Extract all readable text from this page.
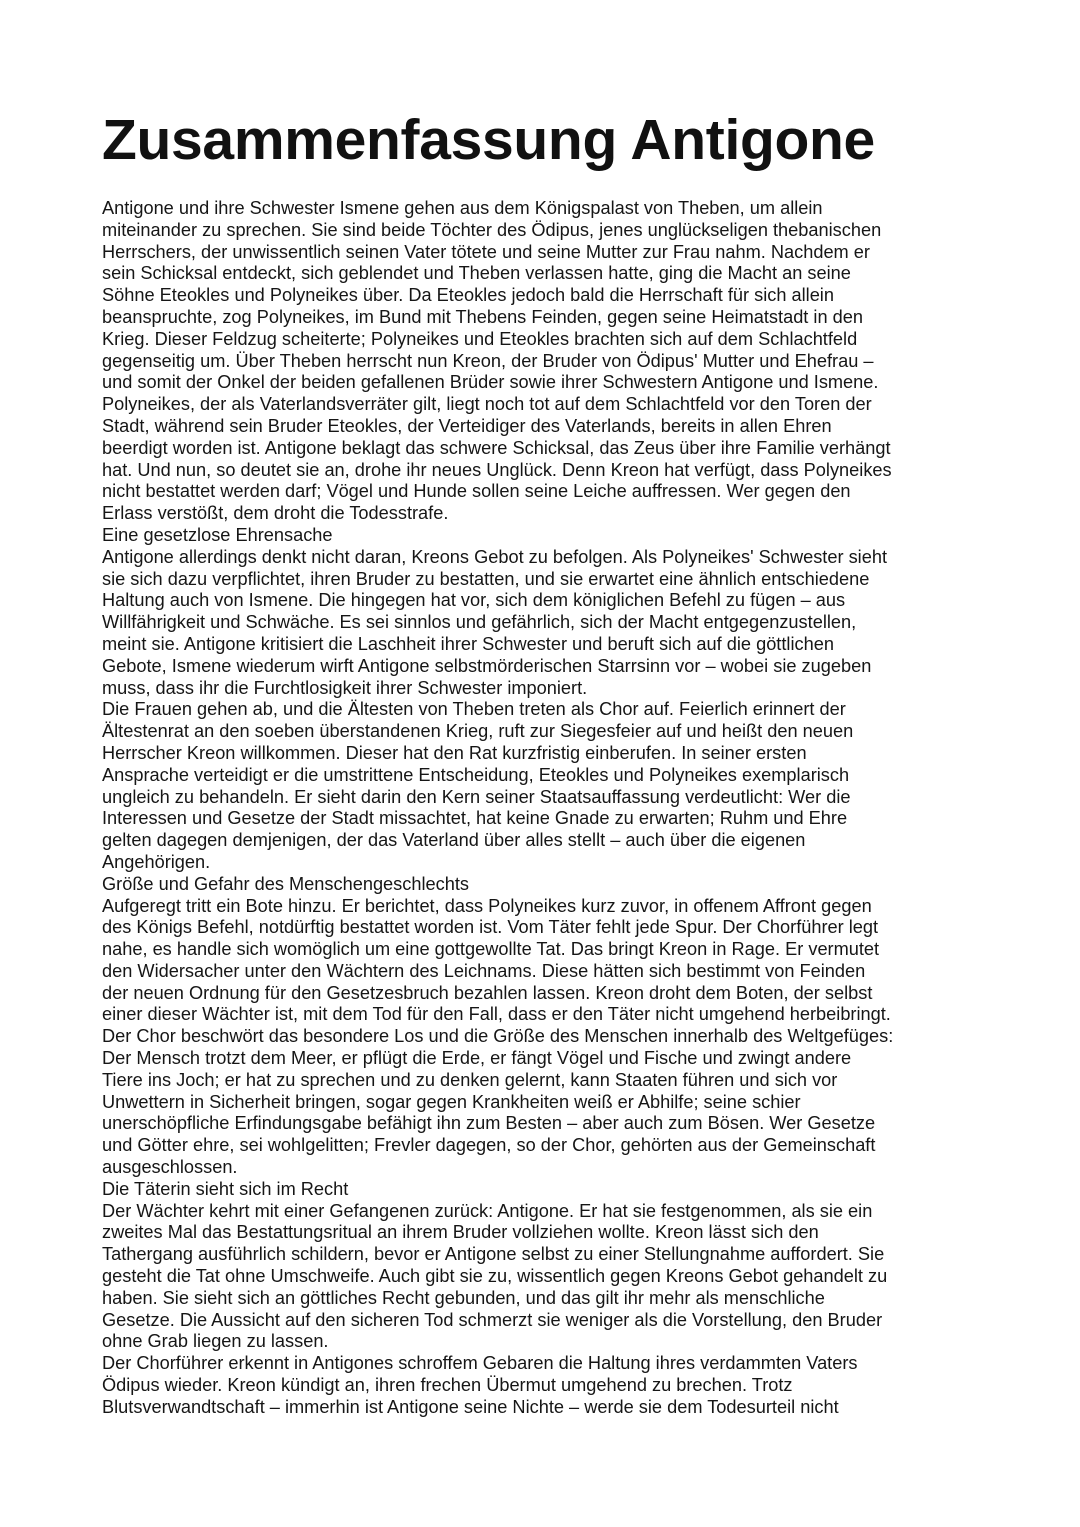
Zusammenfassung Antigone
Antigone und ihre Schwester Ismene gehen aus dem Königspalast von Theben, um allein
miteinander zu sprechen. Sie sind beide Töchter des Ödipus, jenes unglückseligen thebanischen
Herrschers, der unwissentlich seinen Vater tötete und seine Mutter zur Frau nahm. Nachdem er
sein Schicksal entdeckt, sich geblendet und Theben verlassen hatte, ging die Macht an seine
Söhne Eteokles und Polyneikes über. Da Eteokles jedoch bald die Herrschaft für sich allein
beanspruchte, zog Polyneikes, im Bund mit Thebens Feinden, gegen seine Heimatstadt in den
Krieg. Dieser Feldzug scheiterte; Polyneikes und Eteokles brachten sich auf dem Schlachtfeld
gegenseitig um. Über Theben herrscht nun Kreon, der Bruder von Ödipus' Mutter und Ehefrau –
und somit der Onkel der beiden gefallenen Brüder sowie ihrer Schwestern Antigone und Ismene.
Polyneikes, der als Vaterlandsverräter gilt, liegt noch tot auf dem Schlachtfeld vor den Toren der
Stadt, während sein Bruder Eteokles, der Verteidiger des Vaterlands, bereits in allen Ehren
beerdigt worden ist. Antigone beklagt das schwere Schicksal, das Zeus über ihre Familie verhängt
hat. Und nun, so deutet sie an, drohe ihr neues Unglück. Denn Kreon hat verfügt, dass Polyneikes
nicht bestattet werden darf; Vögel und Hunde sollen seine Leiche auffressen. Wer gegen den
Erlass verstößt, dem droht die Todesstrafe.
Eine gesetzlose Ehrensache
Antigone allerdings denkt nicht daran, Kreons Gebot zu befolgen. Als Polyneikes' Schwester sieht
sie sich dazu verpflichtet, ihren Bruder zu bestatten, und sie erwartet eine ähnlich entschiedene
Haltung auch von Ismene. Die hingegen hat vor, sich dem königlichen Befehl zu fügen – aus
Willfährigkeit und Schwäche. Es sei sinnlos und gefährlich, sich der Macht entgegenzustellen,
meint sie. Antigone kritisiert die Laschheit ihrer Schwester und beruft sich auf die göttlichen
Gebote, Ismene wiederum wirft Antigone selbstmörderischen Starrsinn vor – wobei sie zugeben
muss, dass ihr die Furchtlosigkeit ihrer Schwester imponiert.
Die Frauen gehen ab, und die Ältesten von Theben treten als Chor auf. Feierlich erinnert der
Ältestenrat an den soeben überstandenen Krieg, ruft zur Siegesfeier auf und heißt den neuen
Herrscher Kreon willkommen. Dieser hat den Rat kurzfristig einberufen. In seiner ersten
Ansprache verteidigt er die umstrittene Entscheidung, Eteokles und Polyneikes exemplarisch
ungleich zu behandeln. Er sieht darin den Kern seiner Staatsauffassung verdeutlicht: Wer die
Interessen und Gesetze der Stadt missachtet, hat keine Gnade zu erwarten; Ruhm und Ehre
gelten dagegen demjenigen, der das Vaterland über alles stellt – auch über die eigenen
Angehörigen.
Größe und Gefahr des Menschengeschlechts
Aufgeregt tritt ein Bote hinzu. Er berichtet, dass Polyneikes kurz zuvor, in offenem Affront gegen
des Königs Befehl, notdürftig bestattet worden ist. Vom Täter fehlt jede Spur. Der Chorführer legt
nahe, es handle sich womöglich um eine gottgewollte Tat. Das bringt Kreon in Rage. Er vermutet
den Widersacher unter den Wächtern des Leichnams. Diese hätten sich bestimmt von Feinden
der neuen Ordnung für den Gesetzesbruch bezahlen lassen. Kreon droht dem Boten, der selbst
einer dieser Wächter ist, mit dem Tod für den Fall, dass er den Täter nicht umgehend herbeibringt.
Der Chor beschwört das besondere Los und die Größe des Menschen innerhalb des Weltgefüges:
Der Mensch trotzt dem Meer, er pflügt die Erde, er fängt Vögel und Fische und zwingt andere
Tiere ins Joch; er hat zu sprechen und zu denken gelernt, kann Staaten führen und sich vor
Unwettern in Sicherheit bringen, sogar gegen Krankheiten weiß er Abhilfe; seine schier
unerschöpfliche Erfindungsgabe befähigt ihn zum Besten – aber auch zum Bösen. Wer Gesetze
und Götter ehre, sei wohlgelitten; Frevler dagegen, so der Chor, gehörten aus der Gemeinschaft
ausgeschlossen.
Die Täterin sieht sich im Recht
Der Wächter kehrt mit einer Gefangenen zurück: Antigone. Er hat sie festgenommen, als sie ein
zweites Mal das Bestattungsritual an ihrem Bruder vollziehen wollte. Kreon lässt sich den
Tathergang ausführlich schildern, bevor er Antigone selbst zu einer Stellungnahme auffordert. Sie
gesteht die Tat ohne Umschweife. Auch gibt sie zu, wissentlich gegen Kreons Gebot gehandelt zu
haben. Sie sieht sich an göttliches Recht gebunden, und das gilt ihr mehr als menschliche
Gesetze. Die Aussicht auf den sicheren Tod schmerzt sie weniger als die Vorstellung, den Bruder
ohne Grab liegen zu lassen.
Der Chorführer erkennt in Antigones schroffem Gebaren die Haltung ihres verdammten Vaters
Ödipus wieder. Kreon kündigt an, ihren frechen Übermut umgehend zu brechen. Trotz
Blutsverwandtschaft – immerhin ist Antigone seine Nichte – werde sie dem Todesurteil nicht
